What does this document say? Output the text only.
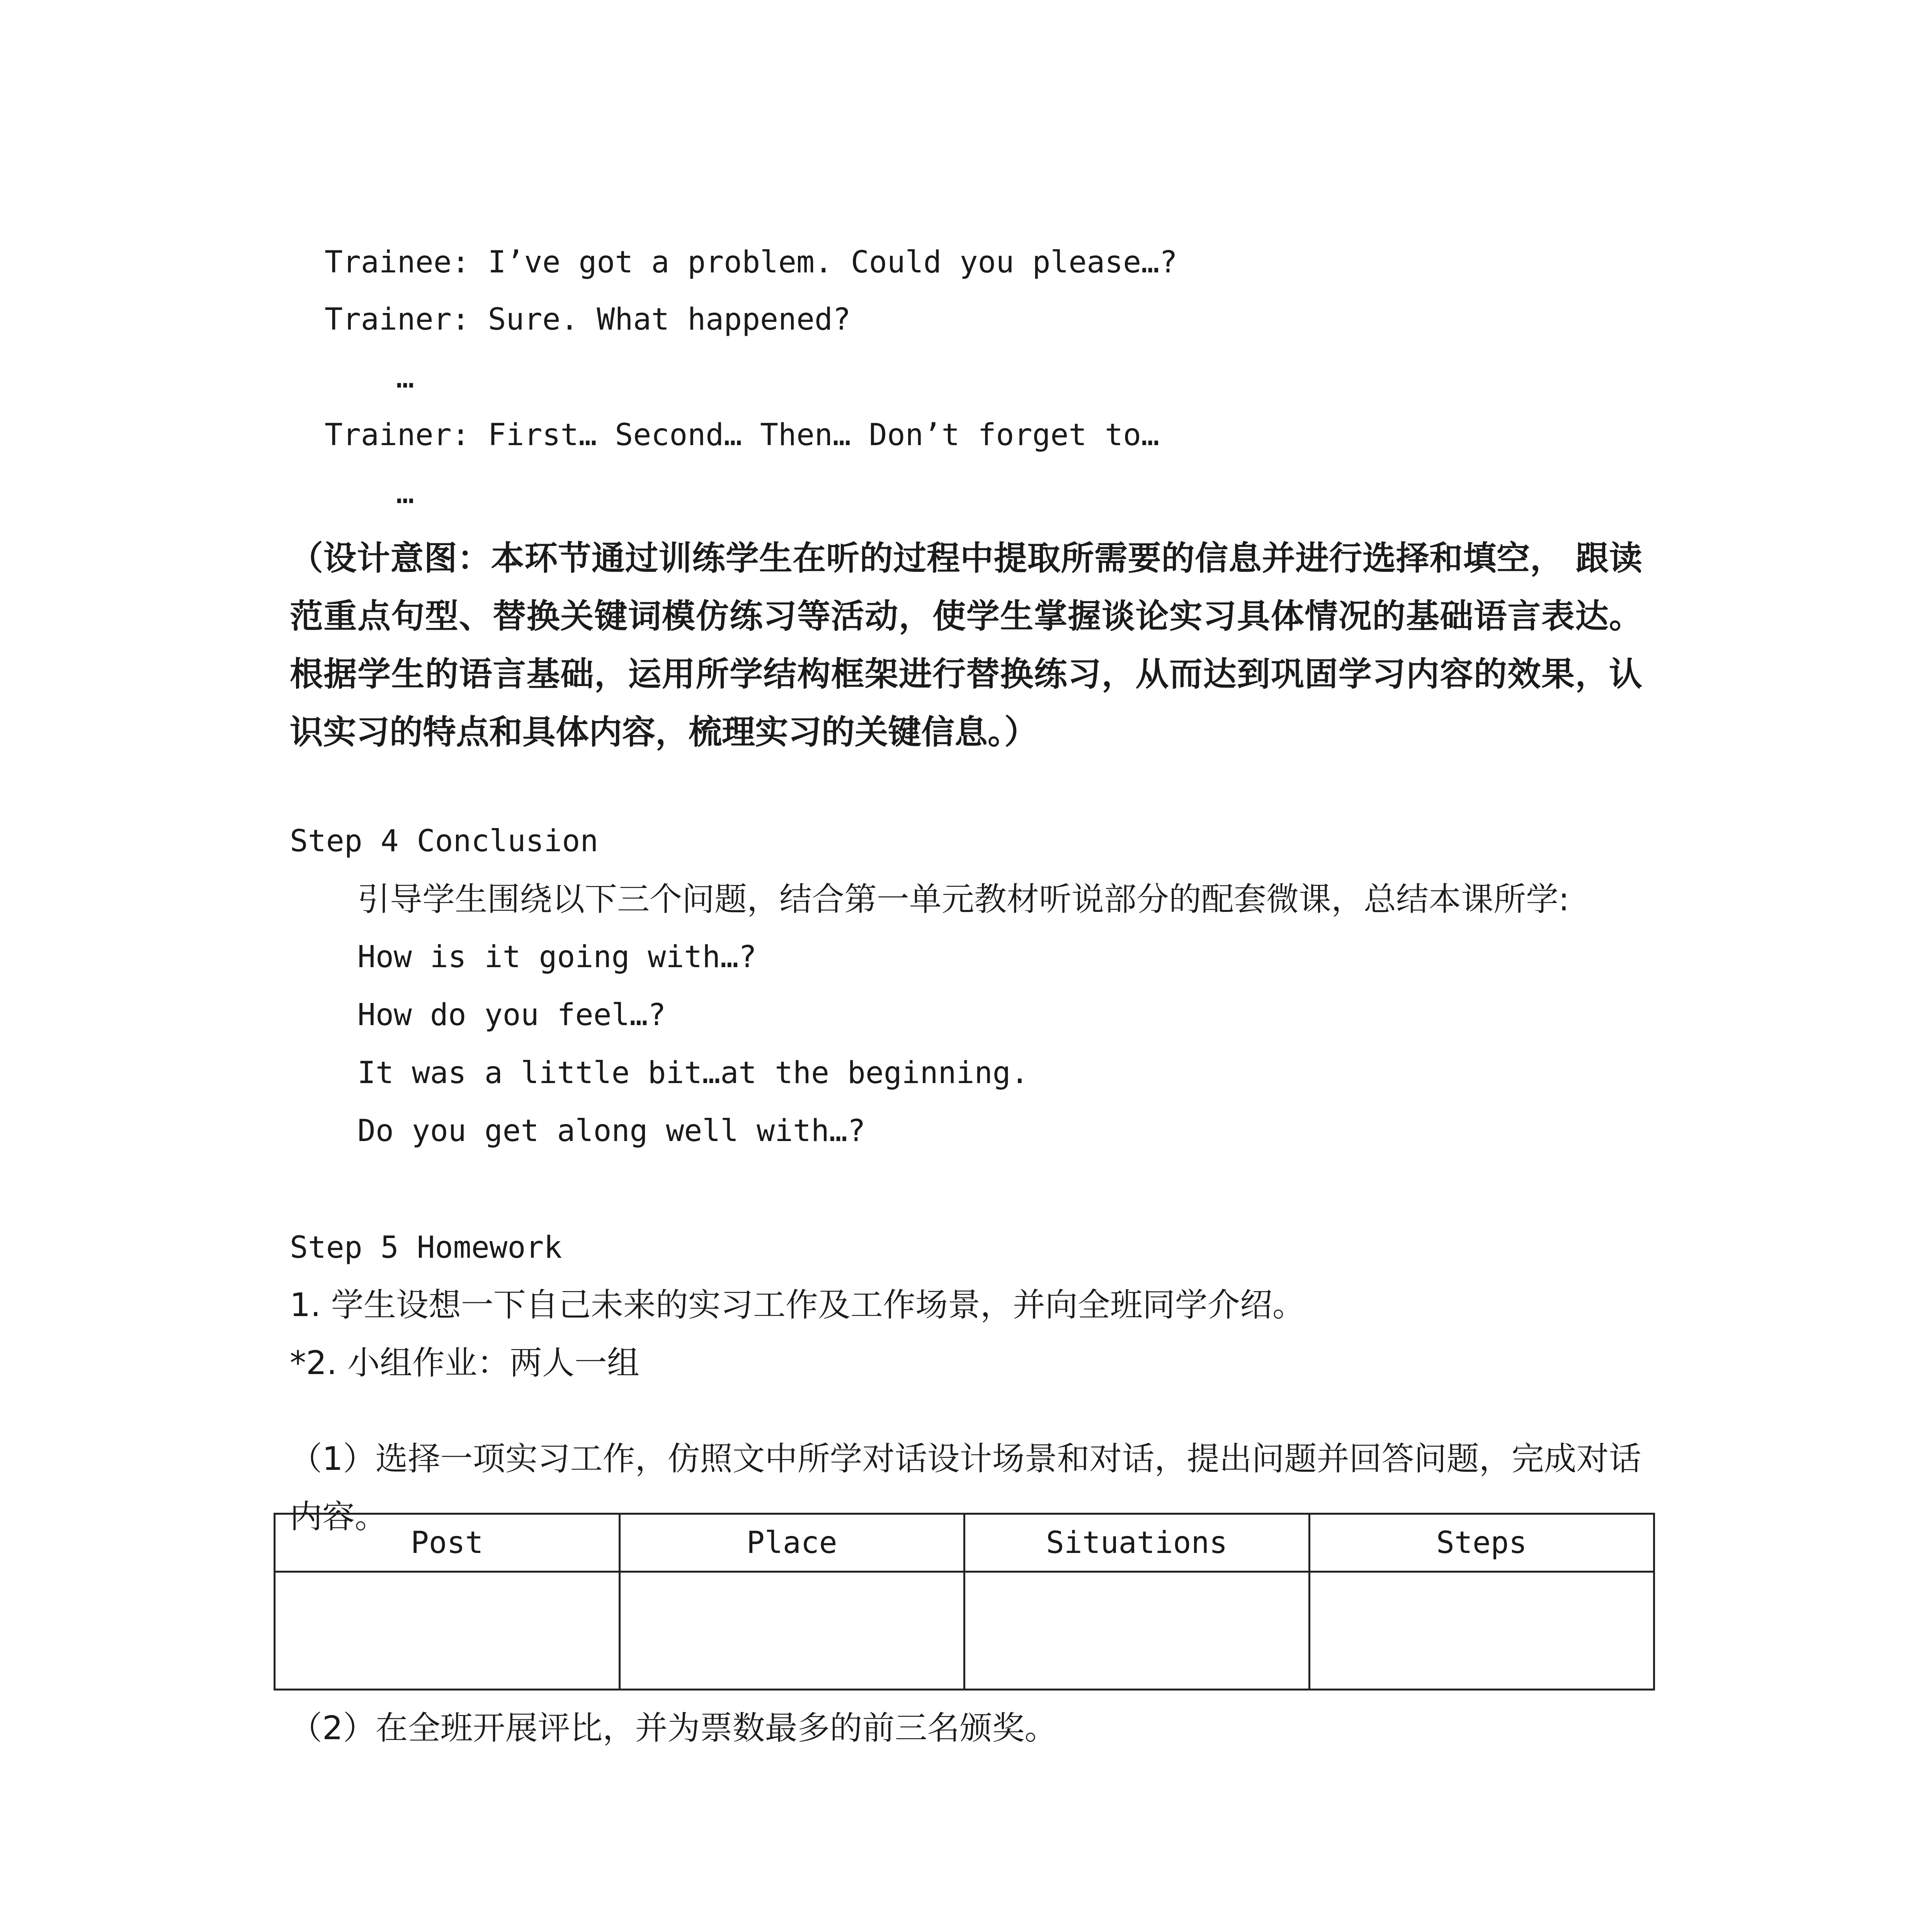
Trainee: I’ve got a problem. Could you please…?
Trainer: Sure. What happened?
…
Trainer: First… Second… Then… Don’t forget to…
…
（设计意图：本环节通过训练学生在听的过程中提取所需要的信息并进行选择和填空， 跟读范重点句型、替换关键词模仿练习等活动，使学生掌握谈论实习具体情况的基础语言表达。根据学生的语言基础，运用所学结构框架进行替换练习，从而达到巩固学习内容的效果，认识实习的特点和具体内容，梳理实习的关键信息。）
Step 4 Conclusion
引导学生围绕以下三个问题，结合第一单元教材听说部分的配套微课，总结本课所学:
How is it going with…?
How do you feel…?
It was a little bit…at the beginning.
Do you get along well with…?
Step 5 Homework
1. 学生设想一下自己未来的实习工作及工作场景，并向全班同学介绍。
*2. 小组作业：两人一组
（1）选择一项实习工作，仿照文中所学对话设计场景和对话，提出问题并回答问题，完成对话内容。
Post	Place	Situations	Steps

（2）在全班开展评比，并为票数最多的前三名颁奖。
